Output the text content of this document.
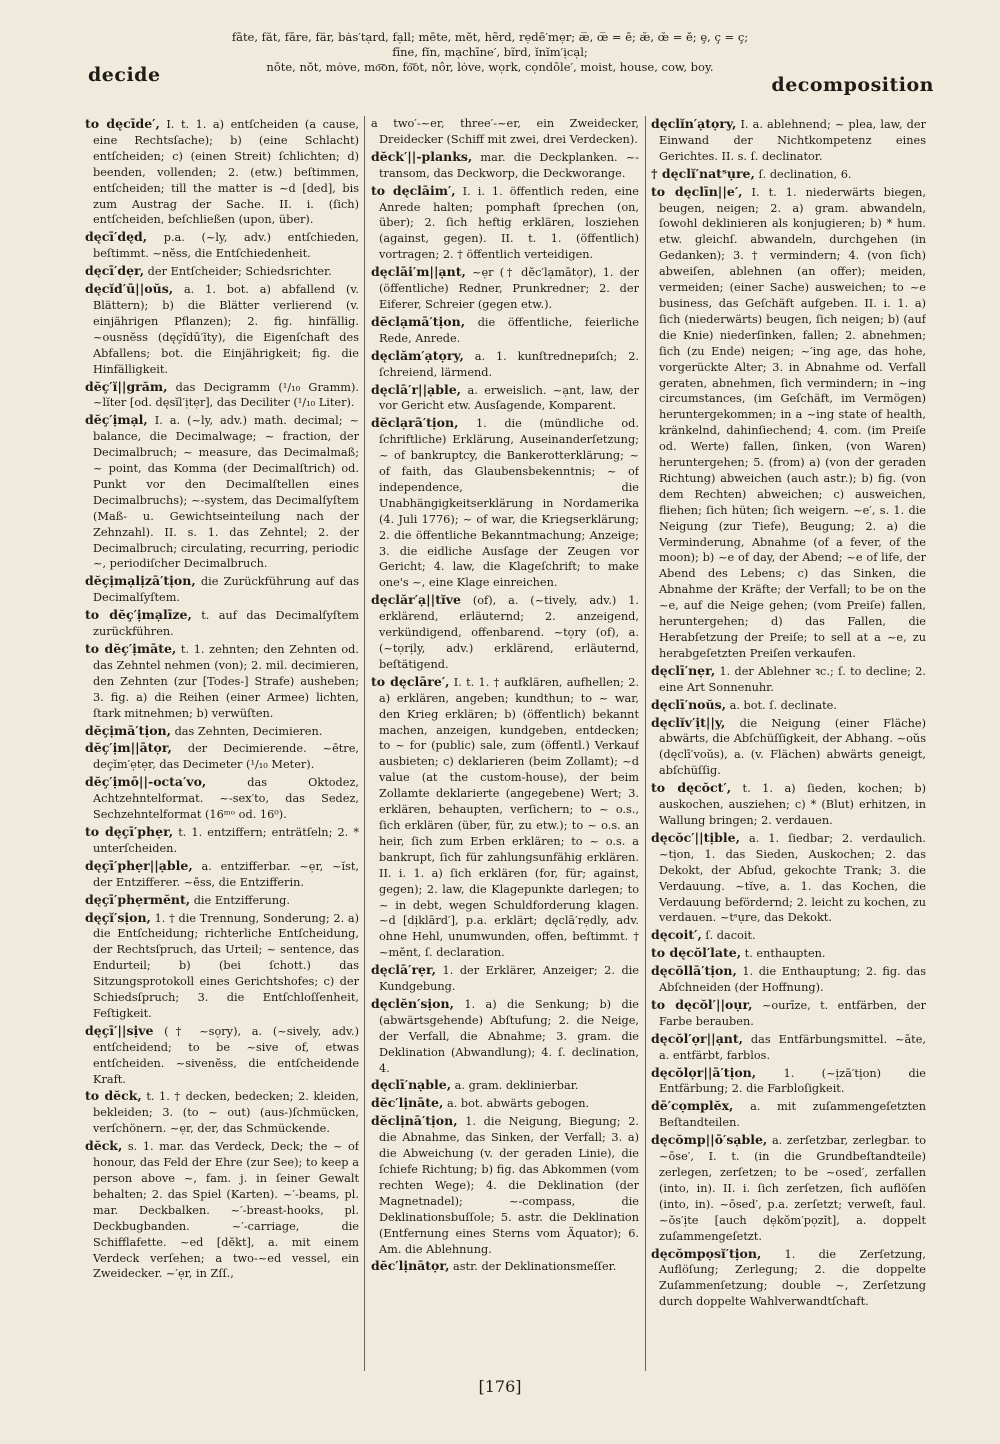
fāte, făt, fāre, fär, bȧs′tạrd, fạll; mēte, mĕt, hẽrd, rẹdē′mẹr; æ̅, œ̅ = ē; æ̆, œ̆ = ĕ; ȩ, ç = ç;
fīne, fĭn, mạchīne′, bĩrd, ĭnĭm′ịcạl;
nōte, nŏt, mȯve, mo͞on, fo͝ot, nôr, lȯve, wọrk, cọndōle′, moist, house, cow, boy.
decide	decomposition

to dęcīde′, I. t. 1. a) entſcheiden (a cause, eine Rechtsſache); b) (eine Schlacht) entſcheiden; c) (einen Streit) ſchlichten; d) beenden, vollenden; 2. (etw.) beſtimmen, entſcheiden; till the matter is ~d [ded], bis zum Austrag der Sache. II. i. (ſich) entſcheiden, beſchließen (upon, über).

dęcī′dęd, p.a. (~ly, adv.) entſchieden, beſtimmt. ~nĕss, die Entſchiedenheit.

dęcī′dẹr, der Entſcheider; Schiedsrichter.

dęcĭd′ū||oŭs, a. 1. bot. a) abfallend (v. Blättern); b) die Blätter verlierend (v. einjährigen Pflanzen); 2. fig. hinfällig. ~ousnĕss (dęçĭdū′ĭty), die Eigenſchaft des Abfallens; bot. die Einjährigkeit; fig. die Hinfälligkeit.

dĕç′ĭ||grăm, das Decigramm (¹/₁₀ Gramm). ~lĭter [od. dęsĭl′ịtẹr], das Deciliter (¹/₁₀ Liter).

dĕç′ịmạl, I. a. (~ly, adv.) math. decimal; ~ balance, die Decimalwage; ~ fraction, der Decimalbruch; ~ measure, das Decimalmaß; ~ point, das Komma (der Decimalſtrich) od. Punkt vor den Decimalſtellen eines Decimalbruchs); ~-system, das Decimalſyſtem (Maß- u. Gewichtseinteilung nach der Zehnzahl). II. s. 1. das Zehntel; 2. der Decimalbruch; circulating, recurring, periodic ~, periodiſcher Decimalbruch.

dĕçịmạlịzā′tịon, die Zurückführung auf das Decimalſyſtem.

to dĕç′ịmạlīze, t. auf das Decimalſyſtem zurückführen.

to dĕç′ịmāte, t. 1. zehnten; den Zehnten od. das Zehntel nehmen (von); 2. mil. decimieren, den Zehnten (zur [Todes-] Strafe) ausheben; 3. fig. a) die Reihen (einer Armee) lichten, ſtark mitnehmen; b) verwüſten.

dĕçịmā′tịon, das Zehnten, Decimieren.

dĕç′ịm||ātọr, der Decimierende. ~ētre, deçĭm′ẹtẹr, das Decimeter (¹/₁₀ Meter).

dĕç′ịmō||-octa′vo, das Oktodez, Achtzehntelformat. ~-sex′to, das Sedez, Sechzehntelformat (16ᵐᵒ od. 16⁰).

to dęçī′phẹr, t. 1. entziffern; enträtſeln; 2. * unterſcheiden.

dęçī′phẹr||ạble, a. entzifferbar. ~ẹr, ~ĭst, der Entzifferer. ~ĕss, die Entzifferin.

dęçī′phẹrmĕnt, die Entzifferung.

dęçĭ′sịon, 1. † die Trennung, Sonderung; 2. a) die Entſcheidung; richterliche Entſcheidung, der Rechtsſpruch, das Urteil; ~ sentence, das Endurteil; b) (bei ſchott.) das Sitzungsprotokoll eines Gerichtshofes; c) der Schiedsſpruch; 3. die Entſchloſſenheit, Feſtigkeit.

dęçī′||sịve († ~sọry), a. (~sively, adv.) entſcheidend; to be ~sive of, etwas entſcheiden. ~sivenĕss, die entſcheidende Kraft.

to dĕck, t. 1. † decken, bedecken; 2. kleiden, bekleiden; 3. (to ~ out) (aus-)ſchmücken, verſchönern. ~ẹr, der, das Schmückende.

dĕck, s. 1. mar. das Verdeck, Deck; the ~ of honour, das Feld der Ehre (zur See); to keep a person above ~, fam. j. in ſeiner Gewalt behalten; 2. das Spiel (Karten). ~′-beams, pl. mar. Deckbalken. ~′-breast-hooks, pl. Deckbugbanden. ~′-carriage, die Schifflafette. ~ed [dĕkt], a. mit einem Verdeck verſehen; a two-~ed vessel, ein Zweidecker. ~′ẹr, in Zſſ.,

a two′-~er, three′-~er, ein Zweidecker, Dreidecker (Schiff mit zwei, drei Verdecken).

dĕck′||-planks, mar. die Deckplanken. ~-transom, das Deckworp, die Deckworange.

to dęclāim′, I. i. 1. öffentlich reden, eine Anrede halten; pomphaft ſprechen (on, über); 2. ſich heftig erklären, losziehen (against, gegen). II. t. 1. (öffentlich) vortragen; 2. † öffentlich verteidigen.

dęclāi′m||ạnt, ~ẹr († dĕc′lạmātọr), 1. der (öffentliche) Redner, Prunkredner; 2. der Eiferer, Schreier (gegen etw.).

dĕclạmā′tịon, die öffentliche, feierliche Rede, Anrede.

dęclăm′ạtọry, a. 1. kunſtrednериſch; 2. ſchreiend, lärmend.

dęclā′r||ạble, a. erweislich. ~ạnt, law, der vor Gericht etw. Ausſagende, Komparent.

dĕclạrā′tịon, 1. die (mündliche od. ſchriftliche) Erklärung, Auseinanderſetzung; ~ of bankruptcy, die Bankerotterklärung; ~ of faith, das Glaubensbekenntnis; ~ of independence, die Unabhängigkeitserklärung in Nordamerika (4. Juli 1776); ~ of war, die Kriegserklärung; 2. die öffentliche Bekanntmachung; Anzeige; 3. die eidliche Ausſage der Zeugen vor Gericht; 4. law, die Klageſchrift; to make one's ~, eine Klage einreichen.

dęclăr′ạ||tĭve (of), a. (~tively, adv.) 1. erklärend, erläuternd; 2. anzeigend, verkündigend, offenbarend. ~tọry (of), a. (~tọrịly, adv.) erklärend, erläuternd, beſtätigend.

to dęclāre′, I. t. 1. † aufklären, aufhellen; 2. a) erklären, angeben; kundthun; to ~ war, den Krieg erklären; b) (öffentlich) bekannt machen, anzeigen, kundgeben, entdecken; to ~ for (public) sale, zum (öffentl.) Verkauf ausbieten; c) deklarieren (beim Zollamt); ~d value (at the custom-house), der beim Zollamte deklarierte (angegebene) Wert; 3. erklären, behaupten, verſichern; to ~ o.s., ſich erklären (über, für, zu etw.); to ~ o.s. an heir, ſich zum Erben erklären; to ~ o.s. a bankrupt, ſich für zahlungsunfähig erklären. II. i. 1. a) ſich erklären (for, für; against, gegen); 2. law, die Klagepunkte darlegen; to ~ in debt, wegen Schuldforderung klagen. ~d [dịklārd′], p.a. erklärt; dęclā′rẹdly, adv. ohne Hehl, unumwunden, offen, beſtimmt. † ~mĕnt, ſ. declaration.

dęclā′rẹr, 1. der Erklärer, Anzeiger; 2. die Kundgebung.

dęclĕn′sịon, 1. a) die Senkung; b) die (abwärtsgehende) Abſtufung; 2. die Neige, der Verfall, die Abnahme; 3. gram. die Deklination (Abwandlung); 4. ſ. declination, 4.

dęclī′nạble, a. gram. deklinierbar.

dĕc′lịnāte, a. bot. abwärts gebogen.

dĕclịnā′tịon, 1. die Neigung, Biegung; 2. die Abnahme, das Sinken, der Verfall; 3. a) die Abweichung (v. der geraden Linie), die ſchiefe Richtung; b) fig. das Abkommen (vom rechten Wege); 4. die Deklination (der Magnetnadel); ~-compass, die Deklinationsbuſſole; 5. astr. die Deklination (Entfernung eines Sterns vom Äquator); 6. Am. die Ablehnung.

dĕc′lịnātọr, astr. der Deklinationsmeſſer.

dęclĭn′ạtọry, I. a. ablehnend; ~ plea, law, der Einwand der Nichtkompetenz eines Gerichtes. II. s. ſ. declinator.

† dęclĭ′natˢụre, ſ. declination, 6.

to dęclīn||e′, I. t. 1. niederwärts biegen, beugen, neigen; 2. a) gram. abwandeln, ſowohl deklinieren als konjugieren; b) * hum. etw. gleichſ. abwandeln, durchgehen (in Gedanken); 3. † vermindern; 4. (von ſich) abweiſen, ablehnen (an offer); meiden, vermeiden; (einer Sache) ausweichen; to ~e business, das Geſchäft aufgeben. II. i. 1. a) ſich (niederwärts) beugen, ſich neigen; b) (auf die Knie) niederſinken, fallen; 2. abnehmen; ſich (zu Ende) neigen; ~′ing age, das hohe, vorgerückte Alter; 3. in Abnahme od. Verfall geraten, abnehmen, ſich vermindern; in ~ing circumstances, (im Geſchäft, im Vermögen) heruntergekommen; in a ~ing state of health, kränkelnd, dahinſiechend; 4. com. (im Preiſe od. Werte) fallen, ſinken, (von Waren) heruntergehen; 5. (from) a) (von der geraden Richtung) abweichen (auch astr.); b) fig. (von dem Rechten) abweichen; c) ausweichen, fliehen; ſich hüten; ſich weigern. ~e′, s. 1. die Neigung (zur Tiefe), Beugung; 2. a) die Verminderung, Abnahme (of a fever, of the moon); b) ~e of day, der Abend; ~e of life, der Abend des Lebens; c) das Sinken, die Abnahme der Kräfte; der Verfall; to be on the ~e, auf die Neige gehen; (vom Preiſe) fallen, heruntergehen; d) das Fallen, die Herabſetzung der Preiſe; to sell at a ~e, zu herabgeſetzten Preiſen verkaufen.

dęclī′nẹr, 1. der Ablehner ꝛc.; ſ. to decline; 2. eine Art Sonnenuhr.

dęclī′noŭs, a. bot. ſ. declinate.

dęclĭv′ịt||y, die Neigung (einer Fläche) abwärts, die Abſchüſſigkeit, der Abhang. ~oŭs (dęclī′voŭs), a. (v. Flächen) abwärts geneigt, abſchüſſig.

to dęcŏct′, t. 1. a) ſieden, kochen; b) auskochen, ausziehen; c) * (Blut) erhitzen, in Wallung bringen; 2. verdauen.

dęcŏc′||tịble, a. 1. ſiedbar; 2. verdaulich. ~tịon, 1. das Sieden, Auskochen; 2. das Dekokt, der Abſud, gekochte Trank; 3. die Verdauung. ~tĭve, a. 1. das Kochen, die Verdauung befördernd; 2. leicht zu kochen, zu verdauen. ~tˢụre, das Dekokt.

dęcoit′, ſ. dacoit.

to dęcŏl′late, t. enthaupten.

dęcŏllā′tịon, 1. die Enthauptung; 2. fig. das Abſchneiden (der Hoffnung).

to dęcŏl′||oụr, ~ourīze, t. entfärben, der Farbe berauben.

dęcŏl′ọr||ạnt, das Entfärbungsmittel. ~āte, a. entfärbt, farblos.

dęcŏlọr||ā′tịon, 1. (~ịzā′tịon) die Entfärbung; 2. die Farbloſigkeit.

dē′cọmplĕx, a. mit zuſammengeſetzten Beſtandteilen.

dęcŏmp||ō′sạble, a. zerſetzbar, zerlegbar. to ~ōse′, I. t. (in die Grundbeſtandteile) zerlegen, zerſetzen; to be ~osed′, zerfallen (into, in). II. i. ſich zerſetzen, ſich auflöſen (into, in). ~ōsed′, p.a. zerſetzt; verweſt, faul. ~ŏs′ịte [auch dẹkŏm′pọzĭt], a. doppelt zuſammengeſetzt.

dęcŏmpọsĭ′tịon, 1. die Zerſetzung, Auflöſung; Zerlegung; 2. die doppelte Zuſammenſetzung; double ~, Zerſetzung durch doppelte Wahlverwandtſchaft.

[176]
